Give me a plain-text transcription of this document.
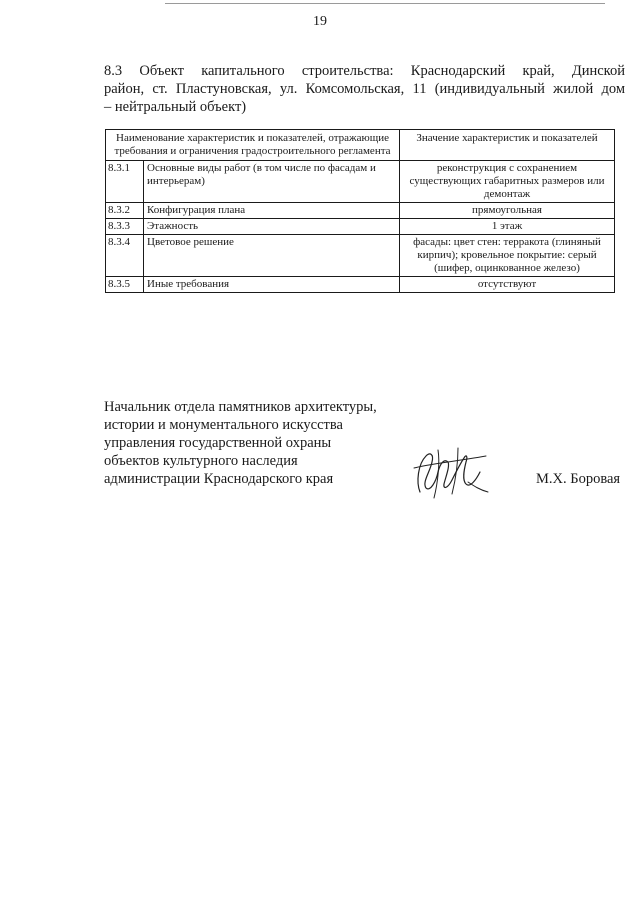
19
8.3 Объект капитального строительства: Краснодарский край, Динской
район, ст. Пластуновская, ул. Комсомольская, 11 (индивидуальный жилой дом
– нейтральный объект)
Наименование характеристик и показателей, отражающие требования и ограничения градостроительного регламента		Значение характеристик и показателей
8.3.1	Основные виды работ (в том числе по фасадам и интерьерам)	реконструкция с сохранением существующих габаритных размеров или демонтаж
8.3.2	Конфигурация плана	прямоугольная
8.3.3	Этажность	1 этаж
8.3.4	Цветовое решение	фасады: цвет стен: терракота (глиняный кирпич); кровельное покрытие: серый (шифер, оцинкованное железо)
8.3.5	Иные требования	отсутствуют
Начальник отдела памятников архитектуры,
истории и монументального искусства
управления государственной охраны
объектов культурного наследия
администрации Краснодарского края	М.Х. Боровая
